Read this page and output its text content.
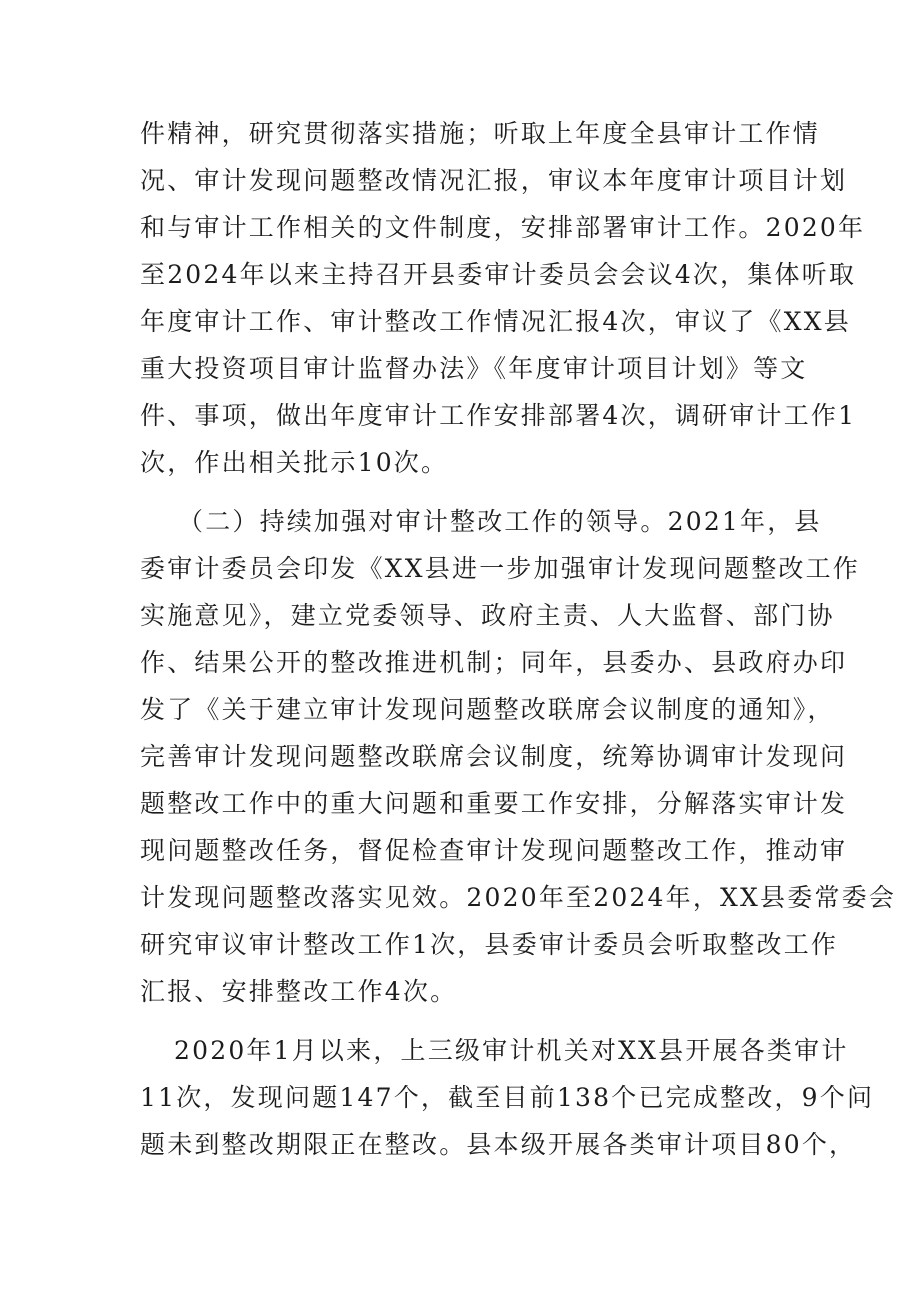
件精神，研究贯彻落实措施；听取上年度全县审计工作情
况、审计发现问题整改情况汇报，审议本年度审计项目计划
和与审计工作相关的文件制度，安排部署审计工作。2020年
至2024年以来主持召开县委审计委员会会议4次，集体听取
年度审计工作、审计整改工作情况汇报4次，审议了《XX县
重大投资项目审计监督办法》《年度审计项目计划》等文
件、事项，做出年度审计工作安排部署4次，调研审计工作1
次，作出相关批示10次。
（二）持续加强对审计整改工作的领导。2021年，县
委审计委员会印发《XX县进一步加强审计发现问题整改工作
实施意见》，建立党委领导、政府主责、人大监督、部门协
作、结果公开的整改推进机制；同年，县委办、县政府办印
发了《关于建立审计发现问题整改联席会议制度的通知》，
完善审计发现问题整改联席会议制度，统筹协调审计发现问
题整改工作中的重大问题和重要工作安排，分解落实审计发
现问题整改任务，督促检查审计发现问题整改工作，推动审
计发现问题整改落实见效。2020年至2024年，XX县委常委会
研究审议审计整改工作1次，县委审计委员会听取整改工作
汇报、安排整改工作4次。
2020年1月以来，上三级审计机关对XX县开展各类审计
11次，发现问题147个，截至目前138个已完成整改，9个问
题未到整改期限正在整改。县本级开展各类审计项目80个，
